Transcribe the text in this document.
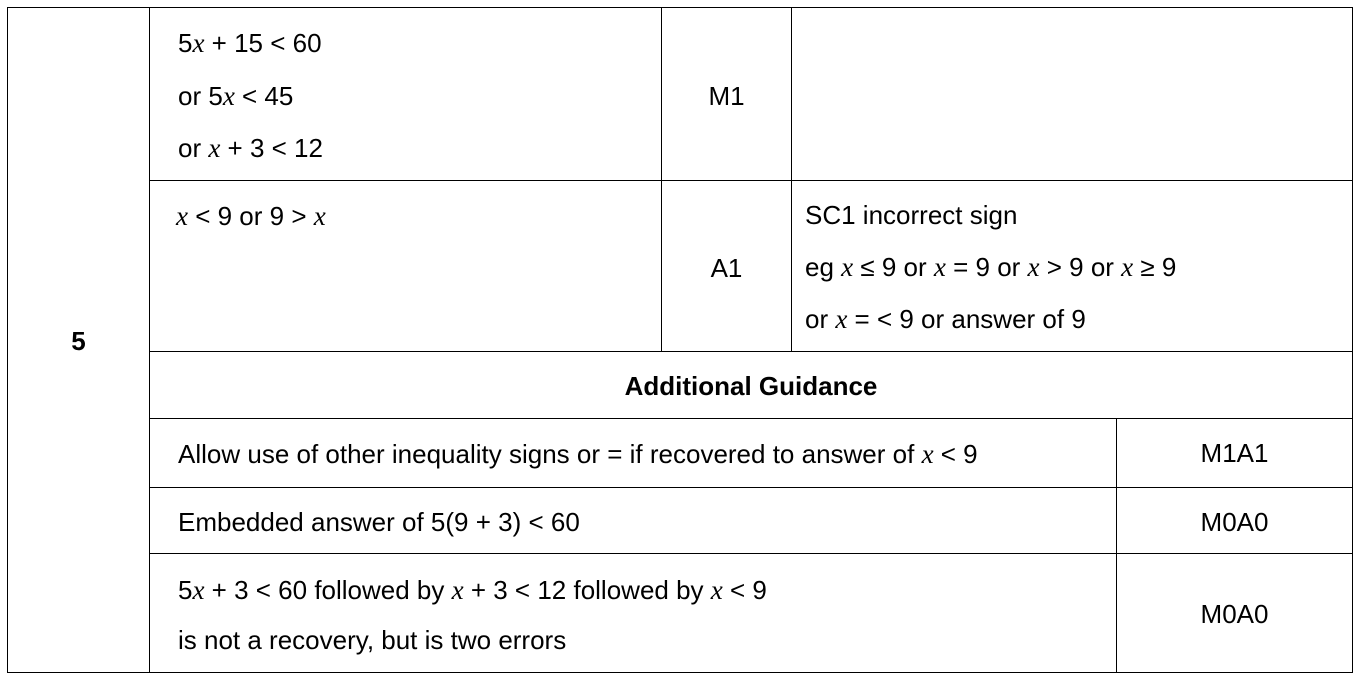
5
5x + 15 < 60
or 5x < 45
or x + 3 < 12
M1
x < 9 or 9 > x
A1
SC1 incorrect sign
eg x ≤ 9 or x = 9 or x > 9 or x ≥ 9
or x = < 9 or answer of 9
Additional Guidance
Allow use of other inequality signs or = if recovered to answer of x < 9	M1A1
Embedded answer of 5(9 + 3) < 60	M0A0
5x + 3 < 60 followed by x + 3 < 12 followed by x < 9
is not a recovery, but is two errors
M0A0
